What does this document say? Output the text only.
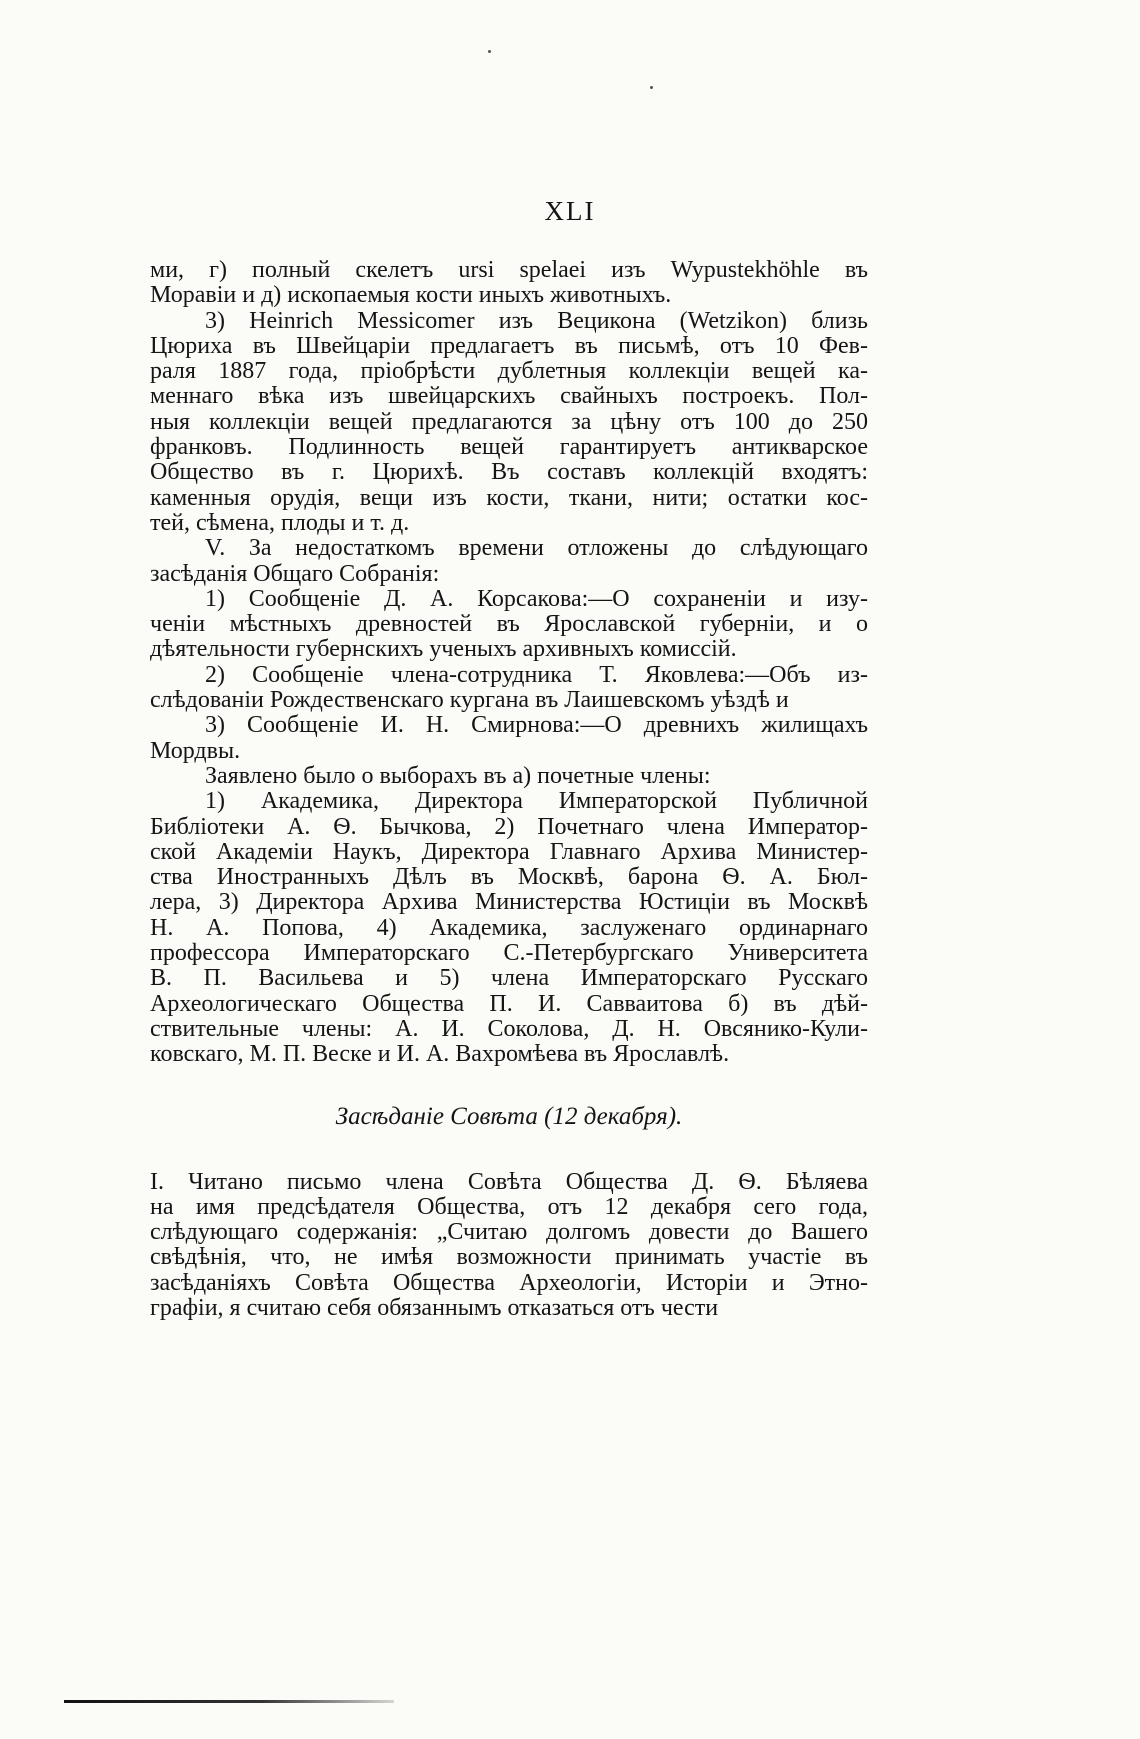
XLI
ми, г) полный скелетъ ursi spelaei изъ Wypustekhöhle въ
Моравіи и д) ископаемыя кости иныхъ животныхъ.
3) Heinrich Messicomer изъ Вецикона (Wetzikon) близь
Цюриха въ Швейцаріи предлагаетъ въ письмѣ, отъ 10 Фев-
раля 1887 года, пріобрѣсти дублетныя коллекціи вещей ка-
меннаго вѣка изъ швейцарскихъ свайныхъ построекъ. Пол-
ныя коллекціи вещей предлагаются за цѣну отъ 100 до 250
франковъ. Подлинность вещей гарантируетъ антикварское
Общество въ г. Цюрихѣ. Въ составъ коллекцій входятъ:
каменныя орудія, вещи изъ кости, ткани, нити; остатки кос-
тей, сѣмена, плоды и т. д.
V. За недостаткомъ времени отложены до слѣдующаго
засѣданія Общаго Собранія:
1) Сообщеніе Д. А. Корсакова:—О сохраненіи и изу-
ченіи мѣстныхъ древностей въ Ярославской губерніи, и о
дѣятельности губернскихъ ученыхъ архивныхъ комиссій.
2) Сообщеніе члена-сотрудника Т. Яковлева:—Объ из-
слѣдованіи Рождественскаго кургана въ Лаишевскомъ уѣздѣ и
3) Сообщеніе И. Н. Смирнова:—О древнихъ жилищахъ
Мордвы.
Заявлено было о выборахъ въ а) почетные члены:
1) Академика, Директора Императорской Публичной
Библіотеки А. Ѳ. Бычкова, 2) Почетнаго члена Император-
ской Академіи Наукъ, Директора Главнаго Архива Министер-
ства Иностранныхъ Дѣлъ въ Москвѣ, барона Ѳ. А. Бюл-
лера, 3) Директора Архива Министерства Юстиціи въ Москвѣ
Н. А. Попова, 4) Академика, заслуженаго ординарнаго
профессора Императорскаго С.-Петербургскаго Университета
В. П. Васильева и 5) члена Императорскаго Русскаго
Археологическаго Общества П. И. Савваитова б) въ дѣй-
ствительные члены: А. И. Соколова, Д. Н. Овсянико-Кули-
ковскаго, М. П. Веске и И. А. Вахромѣева въ Ярославлѣ.
Засѣданіе Совѣта (12 декабря).
I. Читано письмо члена Совѣта Общества Д. Ѳ. Бѣляева
на имя предсѣдателя Общества, отъ 12 декабря сего года,
слѣдующаго содержанія: „Считаю долгомъ довести до Вашего
свѣдѣнія, что, не имѣя возможности принимать участіе въ
засѣданіяхъ Совѣта Общества Археологіи, Исторіи и Этно-
графіи, я считаю себя обязаннымъ отказаться отъ чести
